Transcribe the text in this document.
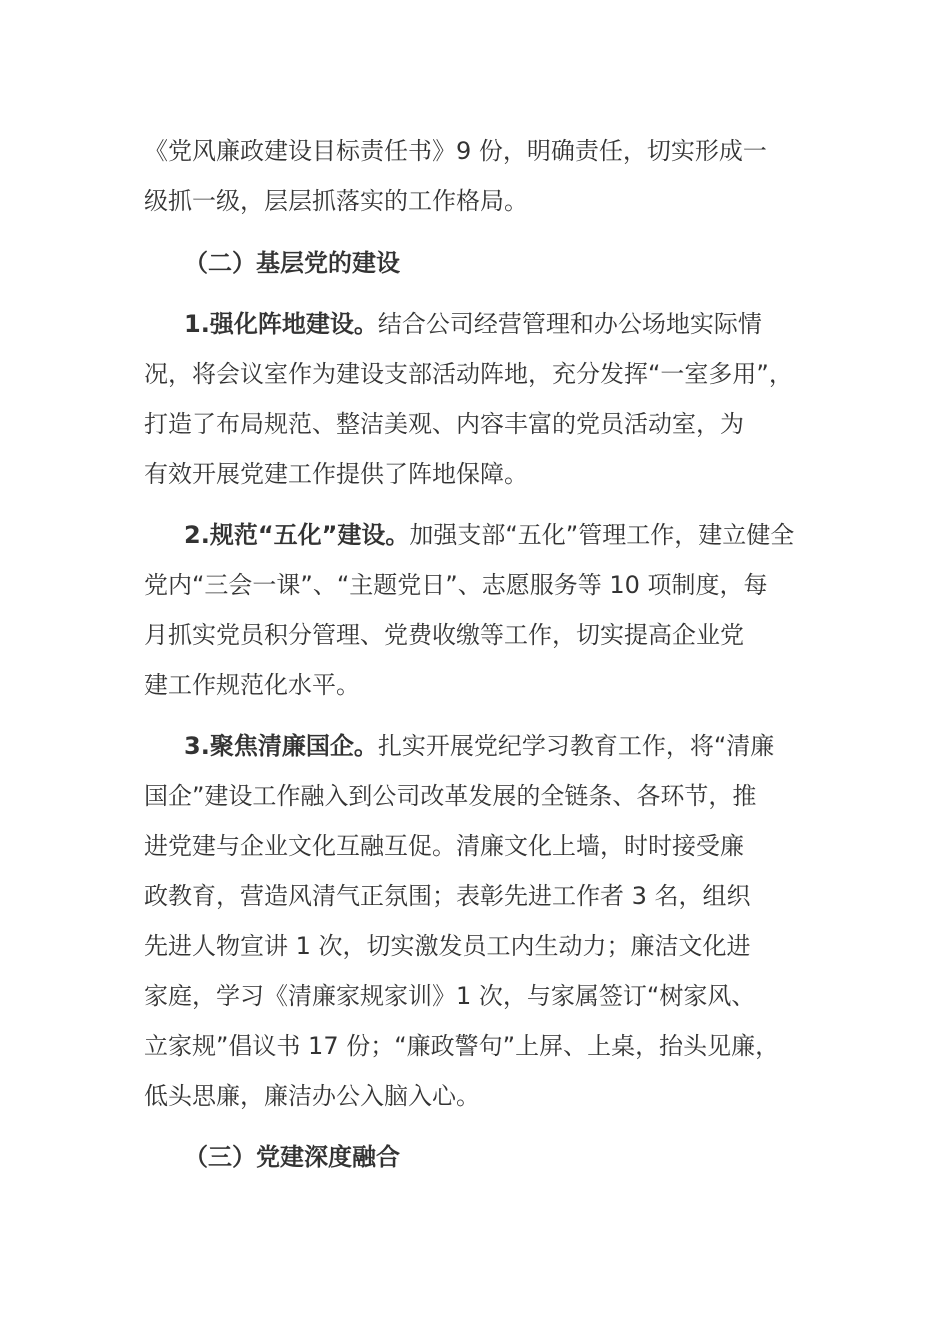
《党风廉政建设目标责任书》9 份，明确责任，切实形成一
级抓一级，层层抓落实的工作格局。

（二）基层党的建设

1.强化阵地建设。结合公司经营管理和办公场地实际情
况，将会议室作为建设支部活动阵地，充分发挥“一室多用”，
打造了布局规范、整洁美观、内容丰富的党员活动室，为
有效开展党建工作提供了阵地保障。
2.规范“五化”建设。加强支部“五化”管理工作，建立健全
党内“三会一课”、“主题党日”、志愿服务等 10 项制度，每
月抓实党员积分管理、党费收缴等工作，切实提高企业党
建工作规范化水平。
3.聚焦清廉国企。扎实开展党纪学习教育工作，将“清廉
国企”建设工作融入到公司改革发展的全链条、各环节，推
进党建与企业文化互融互促。清廉文化上墙，时时接受廉
政教育，营造风清气正氛围；表彰先进工作者 3 名，组织
先进人物宣讲 1 次，切实激发员工内生动力；廉洁文化进
家庭，学习《清廉家规家训》1 次，与家属签订“树家风、
立家规”倡议书 17 份；“廉政警句”上屏、上桌，抬头见廉，
低头思廉，廉洁办公入脑入心。

（三）党建深度融合
